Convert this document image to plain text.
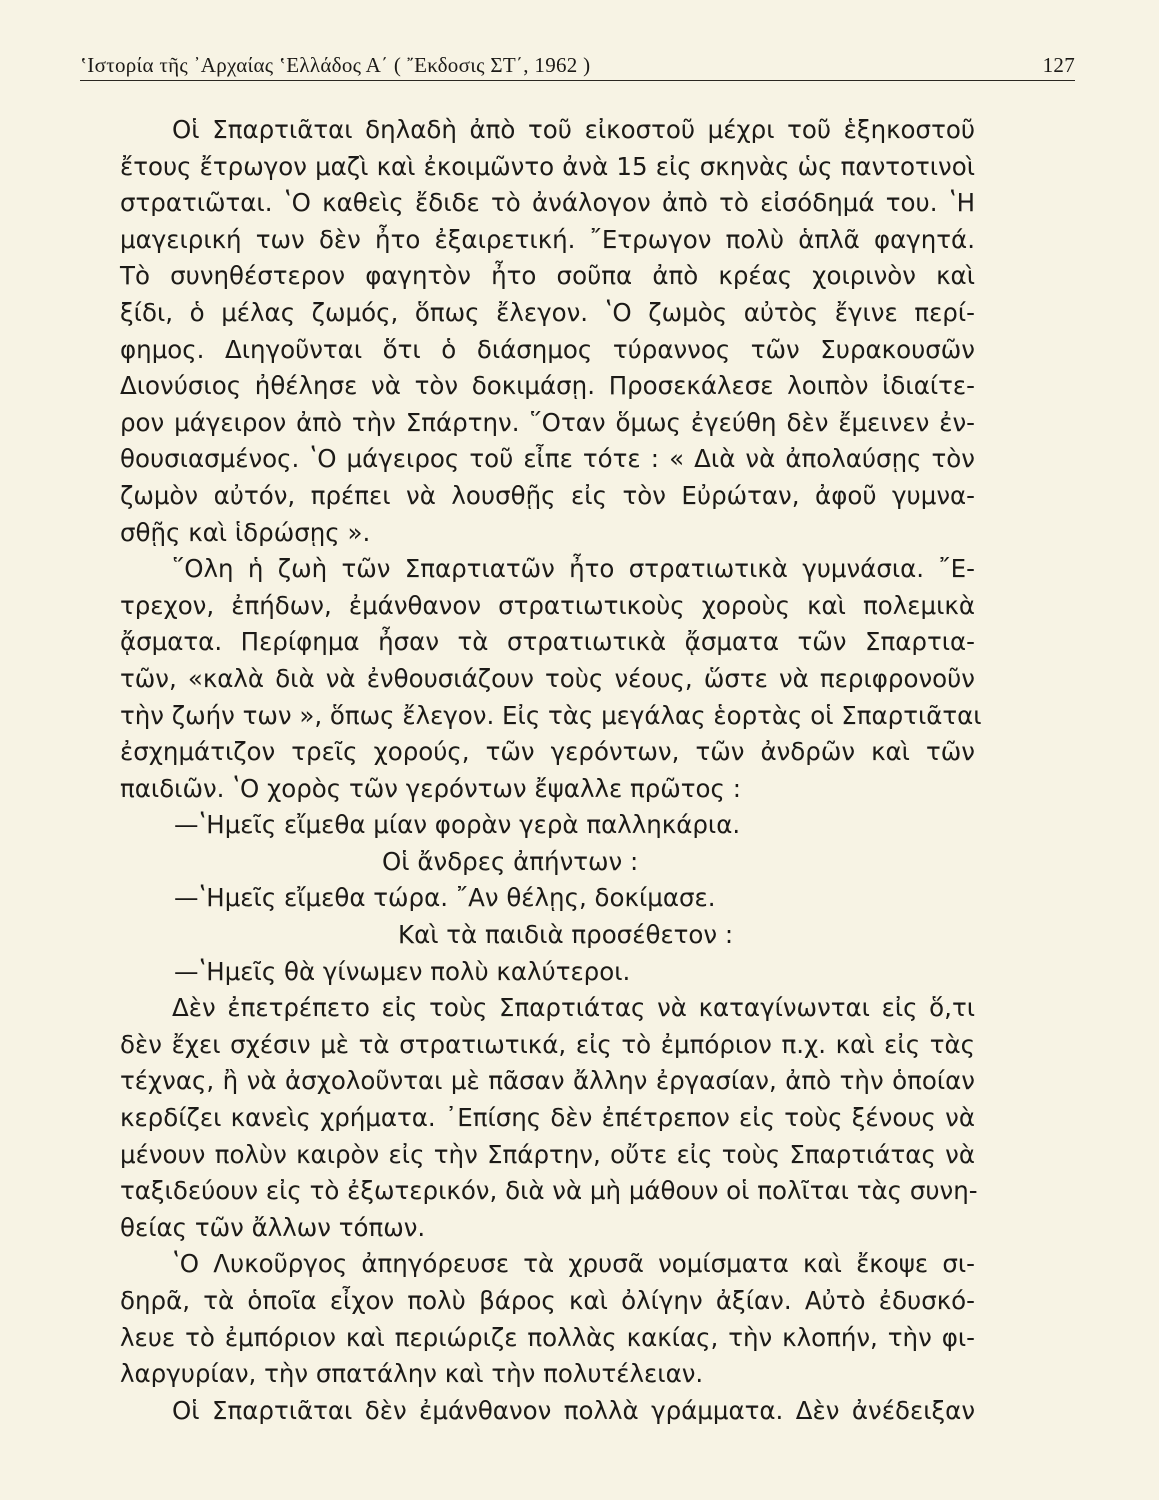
ʽΙστορία τῆς ᾽Αρχαίας ʽΕλλάδος Α΄ ( ῎Εκδοσις ΣΤ΄, 1962 )	127
Οἱ Σπαρτιᾶται δηλαδὴ ἀπὸ τοῦ εἰκοστοῦ μέχρι τοῦ ἑξηκοστοῦ
ἔτους ἔτρωγον μαζὶ καὶ ἐκοιμῶντο ἀνὰ 15 εἰς σκηνὰς ὡς παντοτινοὶ
στρατιῶται. ʽΟ καθεὶς ἔδιδε τὸ ἀνάλογον ἀπὸ τὸ εἰσόδημά του. ʽΗ
μαγειρική των δὲν ἦτο ἐξαιρετική. ῎Ετρωγον πολὺ ἁπλᾶ φαγητά.
Τὸ συνηθέστερον φαγητὸν ἦτο σοῦπα ἀπὸ κρέας χοιρινὸν καὶ
ξίδι, ὁ μέλας ζωμός, ὅπως ἔλεγον. ʽΟ ζωμὸς αὐτὸς ἔγινε περί-
φημος. Διηγοῦνται ὅτι ὁ διάσημος τύραννος τῶν Συρακουσῶν
Διονύσιος ἠθέλησε νὰ τὸν δοκιμάσῃ. Προσεκάλεσε λοιπὸν ἰδιαίτε-
ρον μάγειρον ἀπὸ τὴν Σπάρτην. ῞Οταν ὅμως ἐγεύθη δὲν ἔμεινεν ἐν-
θουσιασμένος. ʽΟ μάγειρος τοῦ εἶπε τότε : « Διὰ νὰ ἀπολαύσῃς τὸν
ζωμὸν αὐτόν, πρέπει νὰ λουσθῇς εἰς τὸν Εὐρώταν, ἀφοῦ γυμνα-
σθῇς καὶ ἱδρώσῃς ».
῞Ολη ἡ ζωὴ τῶν Σπαρτιατῶν ἦτο στρατιωτικὰ γυμνάσια. ῎Ε-
τρεχον, ἐπήδων, ἐμάνθανον στρατιωτικοὺς χοροὺς καὶ πολεμικὰ
ᾄσματα. Περίφημα ἦσαν τὰ στρατιωτικὰ ᾄσματα τῶν Σπαρτια-
τῶν, «καλὰ διὰ νὰ ἐνθουσιάζουν τοὺς νέους, ὥστε νὰ περιφρονοῦν
τὴν ζωήν των », ὅπως ἔλεγον. Εἰς τὰς μεγάλας ἑορτὰς οἱ Σπαρτιᾶται
ἐσχημάτιζον τρεῖς χορούς, τῶν γερόντων, τῶν ἀνδρῶν καὶ τῶν
παιδιῶν. ʽΟ χορὸς τῶν γερόντων ἔψαλλε πρῶτος :
—ʽΗμεῖς εἴμεθα μίαν φορὰν γερὰ παλληκάρια.
Οἱ ἄνδρες ἀπήντων :
—ʽΗμεῖς εἴμεθα τώρα. ῎Αν θέλῃς, δοκίμασε.
Καὶ τὰ παιδιὰ προσέθετον :
—ʽΗμεῖς θὰ γίνωμεν πολὺ καλύτεροι.
Δὲν ἐπετρέπετο εἰς τοὺς Σπαρτιάτας νὰ καταγίνωνται εἰς ὅ,τι
δὲν ἔχει σχέσιν μὲ τὰ στρατιωτικά, εἰς τὸ ἐμπόριον π.χ. καὶ εἰς τὰς
τέχνας, ἢ νὰ ἀσχολοῦνται μὲ πᾶσαν ἄλλην ἐργασίαν, ἀπὸ τὴν ὁποίαν
κερδίζει κανεὶς χρήματα. ᾽Επίσης δὲν ἐπέτρεπον εἰς τοὺς ξένους νὰ
μένουν πολὺν καιρὸν εἰς τὴν Σπάρτην, οὔτε εἰς τοὺς Σπαρτιάτας νὰ
ταξιδεύουν εἰς τὸ ἐξωτερικόν, διὰ νὰ μὴ μάθουν οἱ πολῖται τὰς συνη-
θείας τῶν ἄλλων τόπων.
ʽΟ Λυκοῦργος ἀπηγόρευσε τὰ χρυσᾶ νομίσματα καὶ ἔκοψε σι-
δηρᾶ, τὰ ὁποῖα εἶχον πολὺ βάρος καὶ ὀλίγην ἀξίαν. Αὐτὸ ἐδυσκό-
λευε τὸ ἐμπόριον καὶ περιώριζε πολλὰς κακίας, τὴν κλοπήν, τὴν φι-
λαργυρίαν, τὴν σπατάλην καὶ τὴν πολυτέλειαν.
Οἱ Σπαρτιᾶται δὲν ἐμάνθανον πολλὰ γράμματα. Δὲν ἀνέδειξαν
